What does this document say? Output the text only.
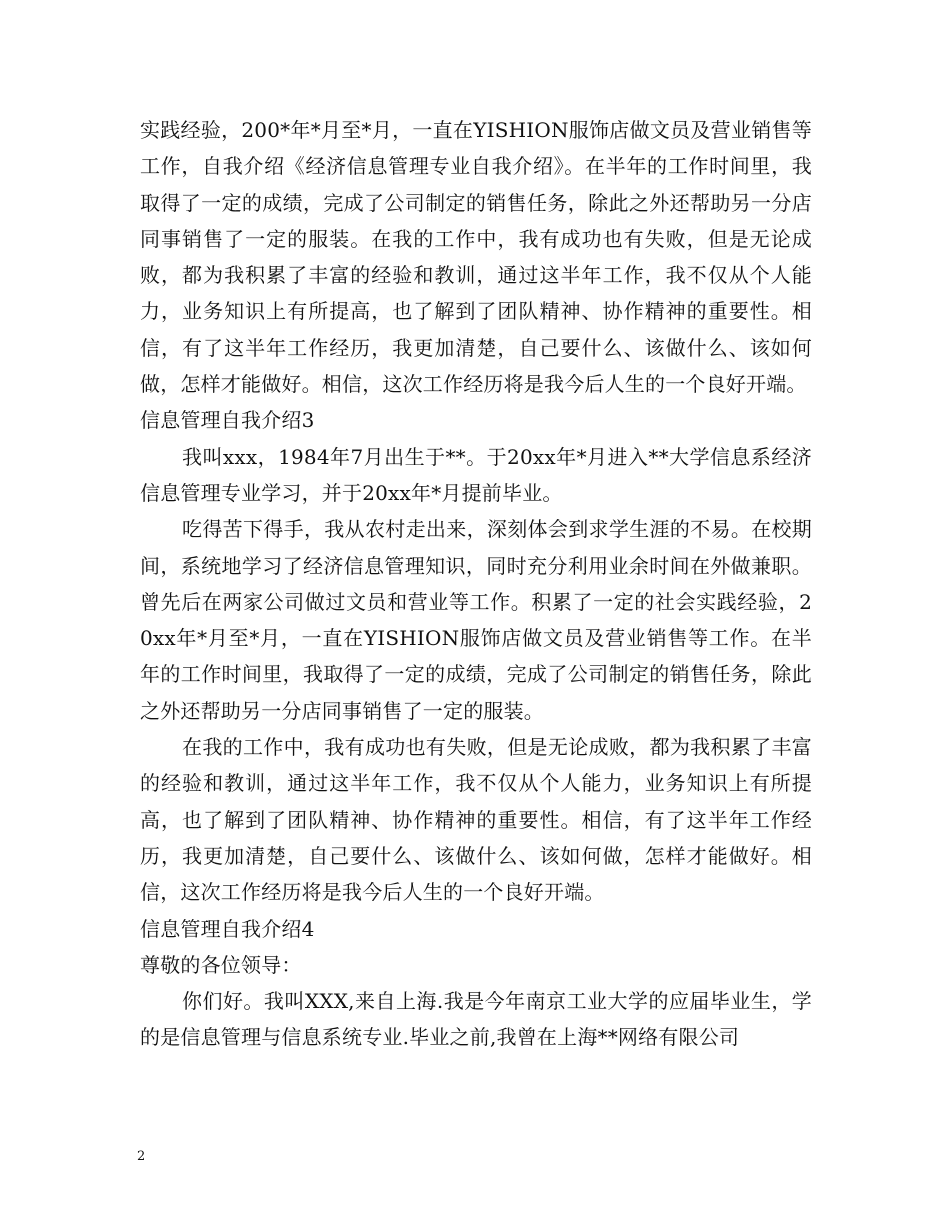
实践经验，200*年*月至*月，一直在YISHION服饰店做文员及营业销售等工作，自我介绍《经济信息管理专业自我介绍》。在半年的工作时间里，我取得了一定的成绩，完成了公司制定的销售任务，除此之外还帮助另一分店同事销售了一定的服装。在我的工作中，我有成功也有失败，但是无论成败，都为我积累了丰富的经验和教训，通过这半年工作，我不仅从个人能力，业务知识上有所提高，也了解到了团队精神、协作精神的重要性。相信，有了这半年工作经历，我更加清楚，自己要什么、该做什么、该如何做，怎样才能做好。相信，这次工作经历将是我今后人生的一个良好开端。

信息管理自我介绍3

我叫xxx，1984年7月出生于**。于20xx年*月进入**大学信息系经济信息管理专业学习，并于20xx年*月提前毕业。

吃得苦下得手，我从农村走出来，深刻体会到求学生涯的不易。在校期间，系统地学习了经济信息管理知识，同时充分利用业余时间在外做兼职。曾先后在两家公司做过文员和营业等工作。积累了一定的社会实践经验，20xx年*月至*月，一直在YISHION服饰店做文员及营业销售等工作。在半年的工作时间里，我取得了一定的成绩，完成了公司制定的销售任务，除此之外还帮助另一分店同事销售了一定的服装。

在我的工作中，我有成功也有失败，但是无论成败，都为我积累了丰富的经验和教训，通过这半年工作，我不仅从个人能力，业务知识上有所提高，也了解到了团队精神、协作精神的重要性。相信，有了这半年工作经历，我更加清楚，自己要什么、该做什么、该如何做，怎样才能做好。相信，这次工作经历将是我今后人生的一个良好开端。

信息管理自我介绍4

尊敬的各位领导：

你们好。我叫XXX,来自上海.我是今年南京工业大学的应届毕业生，学的是信息管理与信息系统专业.毕业之前,我曾在上海**网络有限公司

2
